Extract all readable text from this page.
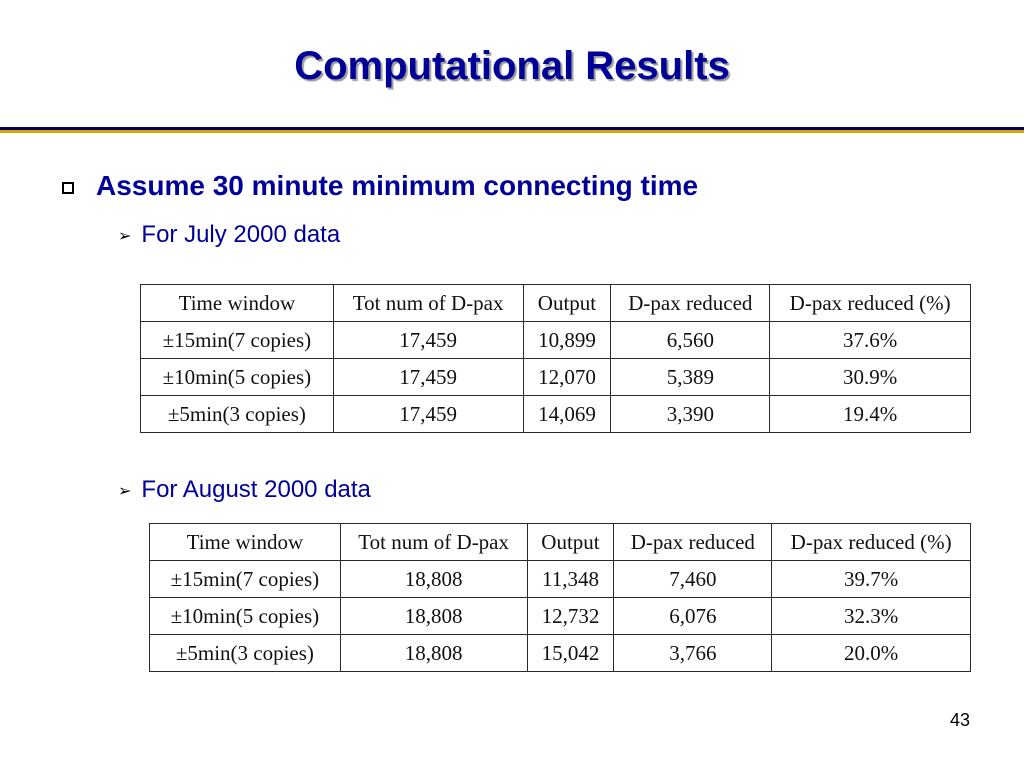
Computational Results
Assume 30 minute minimum connecting time
➢ For July 2000 data
Time window	Tot num of D-pax	Output	D-pax reduced	D-pax reduced (%)
±15min(7 copies)	17,459	10,899	6,560	37.6%
±10min(5 copies)	17,459	12,070	5,389	30.9%
±5min(3 copies)	17,459	14,069	3,390	19.4%
➢ For August 2000 data
Time window	Tot num of D-pax	Output	D-pax reduced	D-pax reduced (%)
±15min(7 copies)	18,808	11,348	7,460	39.7%
±10min(5 copies)	18,808	12,732	6,076	32.3%
±5min(3 copies)	18,808	15,042	3,766	20.0%
43
